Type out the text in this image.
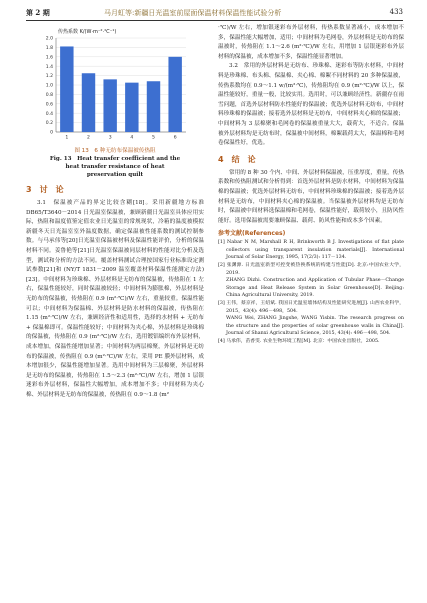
第 2 期	马月虹等:新疆日光温室前屋面保温材料保温性能试验分析	433
传热系数 K/(W·m⁻²·℃⁻¹)
0
0.2
0.4
0.6
0.8
1.0
1.2
1.4
1.6
1.8
2.0
1	2	3	4	5	6

图 13　6 种无纺布保温被传热阻

Fig. 13　Heat transfer coefficient and the

heat transfer resistance of heat

preservation quilt

3　讨　论

3.1　保温被产品的界定比较含糊[18]。采用新疆地方标准 DB65/T3640－2014 日光温室保温被，兼顾新疆日光温室具体应用实际，热阻和温度值鉴定值农业日光温室的常规现状，冷箱的温度被模拟新疆冬天日光温室室外温度数据，确定保温被性能系数的测试控制参数。与马承伟等[20]日光温室保温被材料及保温性能评价，分析的保温材料不同。姜鲁艳等[21]日光温室保温被同层材料的性能对比分析及选型，测试和分析的方法不同。覆盖材料测试合理按国家行业标准设定测试参数[21]和 (NY/T 1831－2009 温室覆盖材料保温性能测定方法)[23]。中间材料为珍珠棉、外层材料是无纺布的保温被，传热阻在 1 左右，保温性能较好，同时保温被较轻；中间材料为膨胀棉，外层材料是无纺布的保温被，传热阻在 0.9 (m²·℃)/W 左右，重量较重。保温性能可以；中间材料为保温棉、外层材料是防水材料的保温被，传热阻在 1.15 (m²·℃)/W 左右，兼顾经济性和适用性，选择的水材料 + 无纺布 + 保温棉即可。保温性能较好；中间材料为夹心棉，外层材料是珍珠棉的保温被，传热阻在 0.9 (m²·℃)/W 左右，选用镀铝编织布外层材料，成本增加，保温性能增加显著；中间材料为两层棉聚，外层材料是无纺布的保温被，传热阻在 0.9 (m²·℃)/W 左右，采用 PE 膜外层材料，成本增加很少，保温性能增加显著。选用中间材料为三层棉聚，外层材料是无纺布的保温被，传热阻在 1.5～2.3 (m²·℃)/W 左右，增加 1 层银迷彩布外层材料，保温性大幅增加，成本增加不多；中间材料为夹心棉、外层材料是无纺布的保温被，传热阻在 0.9～1.8 (m²

·℃)/W 左右，增加银迷彩布外层材料，传热系数显著减小，成本增加不多，保温性能大幅增加，适用；中间材料为毛网卷，外层材料是无纺布的保温被时，传热阻在 1.1～2.6 (m²·℃)/W 左右，用增加 1 层银迷彩布外层材料的保温被，成本增加不多，保温性能显著增加。

3.2　常用的外层材料是无纺布、珍珠棉、迷彩布等防水材料，中间材料是珍珠棉、布头棉、保温棉、夹心棉、棉絮不同材料的 20 多种保温被，传热系数均在 0.9～1.1 w/(m²·℃)，传热阻均在 0.9 (m²·℃)/W 以上，保温性能较好，重量一般，比较实用。选用时，可以兼顾经济性。新疆存在雨雪问题，首选外层材料防水性能好的保温被；优选外层材料无纺布，中间材料珍珠棉的保温被；接着选外层材料是无纺布，中间材料夹心棉的保温被；中间材料为 3 层棉聚和毛网卷的保温被重量大大，载荷大，不适合。保温被外层材料均是无纺布时，保温被中间材料，棉絮载荷太大，保温棉和毛网卷保温性好，优选。

4　结　论

常用的 8 种 30 个内、中间、外层材料保温被，压重厚度，重量，传热系数和传热阻测试和分析得到：首选外层材料是防水材料，中间材料为保温棉的保温被；优选外层材料无纺布，中间材料珍珠棉的保温被；接着选外层材料是无纺布，中间材料夹心棉的保温被。当保温被外层材料均是无纺布时，保温被中间材料选保温棉和毛网卷，保温性能好，载荷较小，且防风性能好。选用保温被需要兼顾保温、载荷、防风性能和成本多个因素。

参考文献(References)

[1] Nabar N M, Marshall R H, Brinkworth B J. Investigations of flat plate collectors using transparent insulation materials[J]. International Journal of Solar Energy, 1995, 17(2/3): 117－134.

[2] 张渊源. 日光温室新型可控变被热换系统的构建与性能[D]. 北京:中国农业大学，2019.

ZHANG Dizhi. Construction and Application of Tubular Phase－Change Storage and Heat Release System in Solar Greenhouse[D]. Beijing: China Agricultural University, 2019.

[3] 王伟，蔡京祥，王绍斌. 我国日光温室墙体结构及性能研究进展[J]. 山西农业科学，2015，43(4): 496－498，504.

WANG Wei, ZHANG Jingshe, WANG Yisbin. The research progress on the structure and the properties of solar greenhouse walls in China[J]. Journal of Shanxi Agricultural Science, 2015, 43(4): 496－498, 504.

[4] 马承伟，苗香雯. 农业生物环境工程[M]. 北京：中国农业出版社，2005.
